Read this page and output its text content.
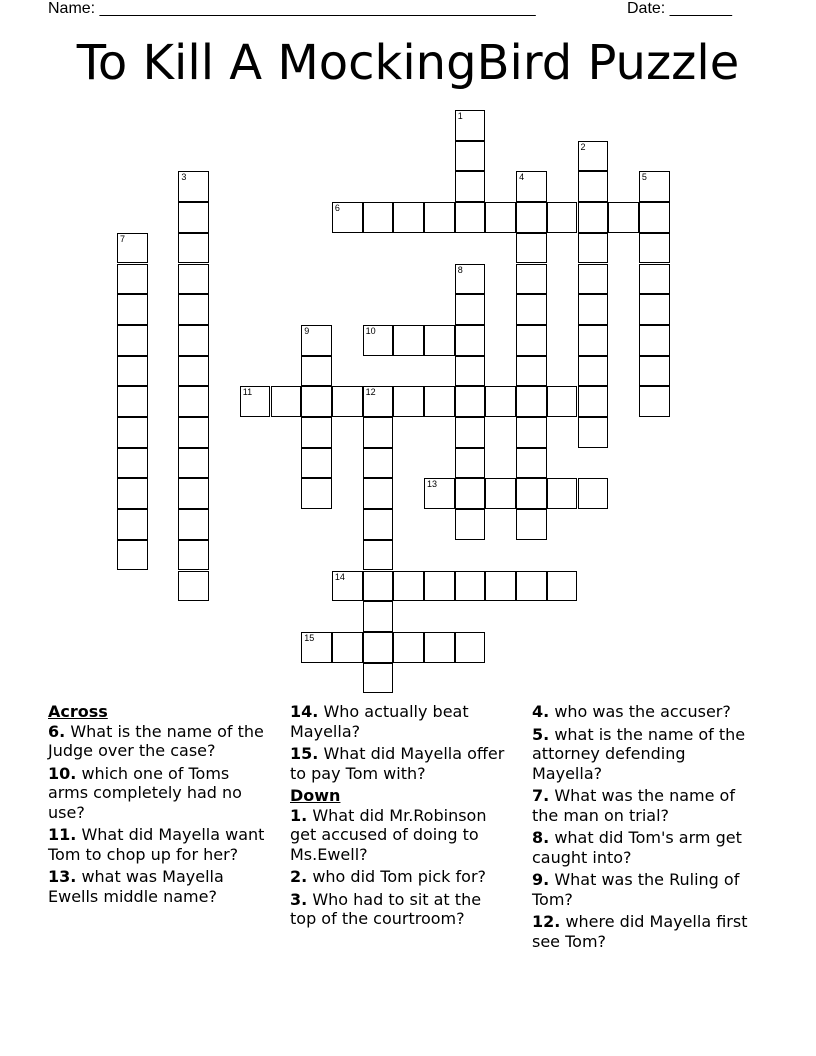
Name: _________________________________________________	Date: _______
To Kill A MockingBird Puzzle
1
2
3	4	5
6
7
8
9	10
11	12
13
14
15

Across

6. What is the name of the Judge over the case?

10. which one of Toms arms completely had no use?

11. What did Mayella want Tom to chop up for her?

13. what was Mayella Ewells middle name?

14. Who actually beat Mayella?

15. What did Mayella offer to pay Tom with?

Down

1. What did Mr.Robinson get accused of doing to Ms.Ewell?

2. who did Tom pick for?

3. Who had to sit at the top of the courtroom?

4. who was the accuser?

5. what is the name of the attorney defending Mayella?

7. What was the name of the man on trial?

8. what did Tom's arm get caught into?

9. What was the Ruling of Tom?

12. where did Mayella first see Tom?
